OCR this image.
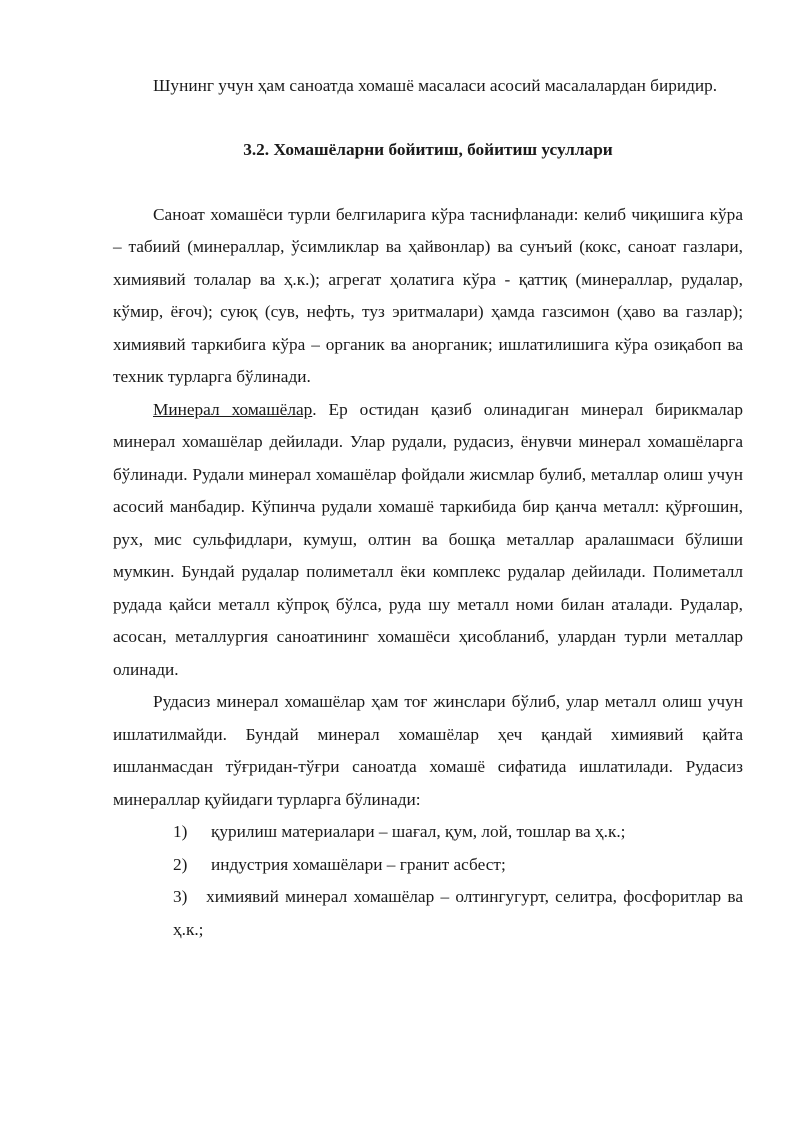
Шунинг учун ҳам саноатда хомашё масаласи асосий масалалардан биридир.

3.2. Хомашёларни бойитиш, бойитиш усуллари

Саноат хомашёси турли белгиларига кўра таснифланади: келиб чиқишига кўра – табиий (минераллар, ўсимликлар ва ҳайвонлар) ва сунъий (кокс, саноат газлари, химиявий толалар ва ҳ.к.); агрегат ҳолатига кўра - қаттиқ (минераллар, рудалар, кўмир, ёғоч); суюқ (сув, нефть, туз эритмалари) ҳамда газсимон (ҳаво ва газлар); химиявий таркибига кўра – органик ва анорганик; ишлатилишига кўра озиқабоп ва техник турларга бўлинади.

Минерал хомашёлар. Ер остидан қазиб олинадиган минерал бирикмалар минерал хомашёлар дейилади. Улар рудали, рудасиз, ёнувчи минерал хомашёларга бўлинади. Рудали минерал хомашёлар фойдали жисмлар булиб, металлар олиш учун асосий манбадир. Кўпинча рудали хомашё таркибида бир қанча металл: қўрғошин, рух, мис сульфидлари, кумуш, олтин ва бошқа металлар аралашмаси бўлиши мумкин. Бундай рудалар полиметалл ёки комплекс рудалар дейилади. Полиметалл рудада қайси металл кўпроқ бўлса, руда шу металл номи билан аталади. Рудалар, асосан, металлургия саноатининг хомашёси ҳисобланиб, улардан турли металлар олинади.

Рудасиз минерал хомашёлар ҳам тоғ жинслари бўлиб, улар металл олиш учун ишлатилмайди. Бундай минерал хомашёлар ҳеч қандай химиявий қайта ишланмасдан тўғридан-тўғри саноатда хомашё сифатида ишлатилади. Рудасиз минераллар қуйидаги турларга бўлинади:

1)	қурилиш материалари – шағал, қум, лой, тошлар ва ҳ.к.;
2)	индустрия хомашёлари – гранит асбест;
3) химиявий минерал хомашёлар – олтингугурт, селитра, фосфоритлар ва ҳ.к.;
